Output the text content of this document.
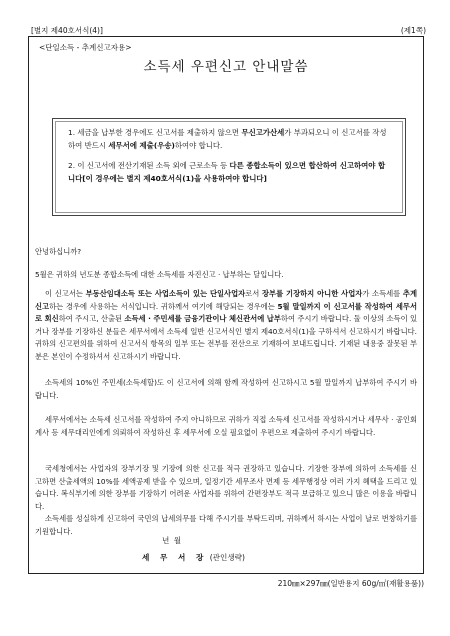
[별지 제40호서식(4)]	(제1쪽)
<단일소득 - 추계신고자용>
소득세 우편신고 안내말씀
1. 세금을 납부한 경우에도 신고서를 제출하지 않으면 무신고가산세가 부과되오니 이 신고서를 작성하여 반드시 세무서에 제출(우송)하여야 합니다.
2. 이 신고서에 전산기재된 소득 외에 근로소득 등 다른 종합소득이 있으면 합산하여 신고하여야 합니다[이 경우에는 별지 제40호서식(1)을 사용하여야 합니다]
안녕하십니까?
5월은 귀하의 년도분 종합소득에 대한 소득세를 자진신고 · 납부하는 달입니다.
이 신고서는 부동산임대소득 또는 사업소득이 있는 단일사업자로서 장부를 기장하지 아니한 사업자가 소득세를 추계신고하는 경우에 사용하는 서식입니다. 귀하께서 여기에 해당되는 경우에는 5월 말일까지 이 신고서를 작성하여 세무서로 회신하여 주시고, 산출된 소득세 · 주민세를 금융기관이나 체신관서에 납부하여 주시기 바랍니다. 둘 이상의 소득이 있거나 장부를 기장하신 분들은 세무서에서 소득세 일반 신고서식인 별지 제40호서식(1)을 구하셔서 신고하시기 바랍니다. 귀하의 신고편의를 위하여 신고서식 항목의 일부 또는 전부를 전산으로 기재하여 보내드립니다. 기재된 내용중 잘못된 부분은 본인이 수정하셔서 신고하시기 바랍니다.
소득세의 10%인 주민세(소득세할)도 이 신고서에 의해 함께 작성하여 신고하시고 5월 말일까지 납부하여 주시기 바랍니다.
세무서에서는 소득세 신고서를 작성하여 주지 아니하므로 귀하가 직접 소득세 신고서를 작성하시거나 세무사 · 공인회계사 등 세무대리인에게 의뢰하여 작성하신 후 세무서에 오실 필요없이 우편으로 제출하여 주시기 바랍니다.
국세청에서는 사업자의 장부기장 및 기장에 의한 신고를 적극 권장하고 있습니다. 기장한 장부에 의하여 소득세를 신고하면 산출세액의 10%를 세액공제 받을 수 있으며, 일정기간 세무조사 면제 등 세무행정상 여러 가지 혜택을 드리고 있습니다. 복식부기에 의한 장부를 기장하기 어려운 사업자를 위하여 간편장부도 적극 보급하고 있으니 많은 이용을 바랍니다.
소득세를 성실하게 신고하여 국민의 납세의무를 다해 주시기를 부탁드리며, 귀하께서 하시는 사업이 날로 번창하기를 기원합니다.
년 월
세 무 서 장 (관인생략)
210㎜×297㎜(일반용지 60g/㎡(재활용품))
